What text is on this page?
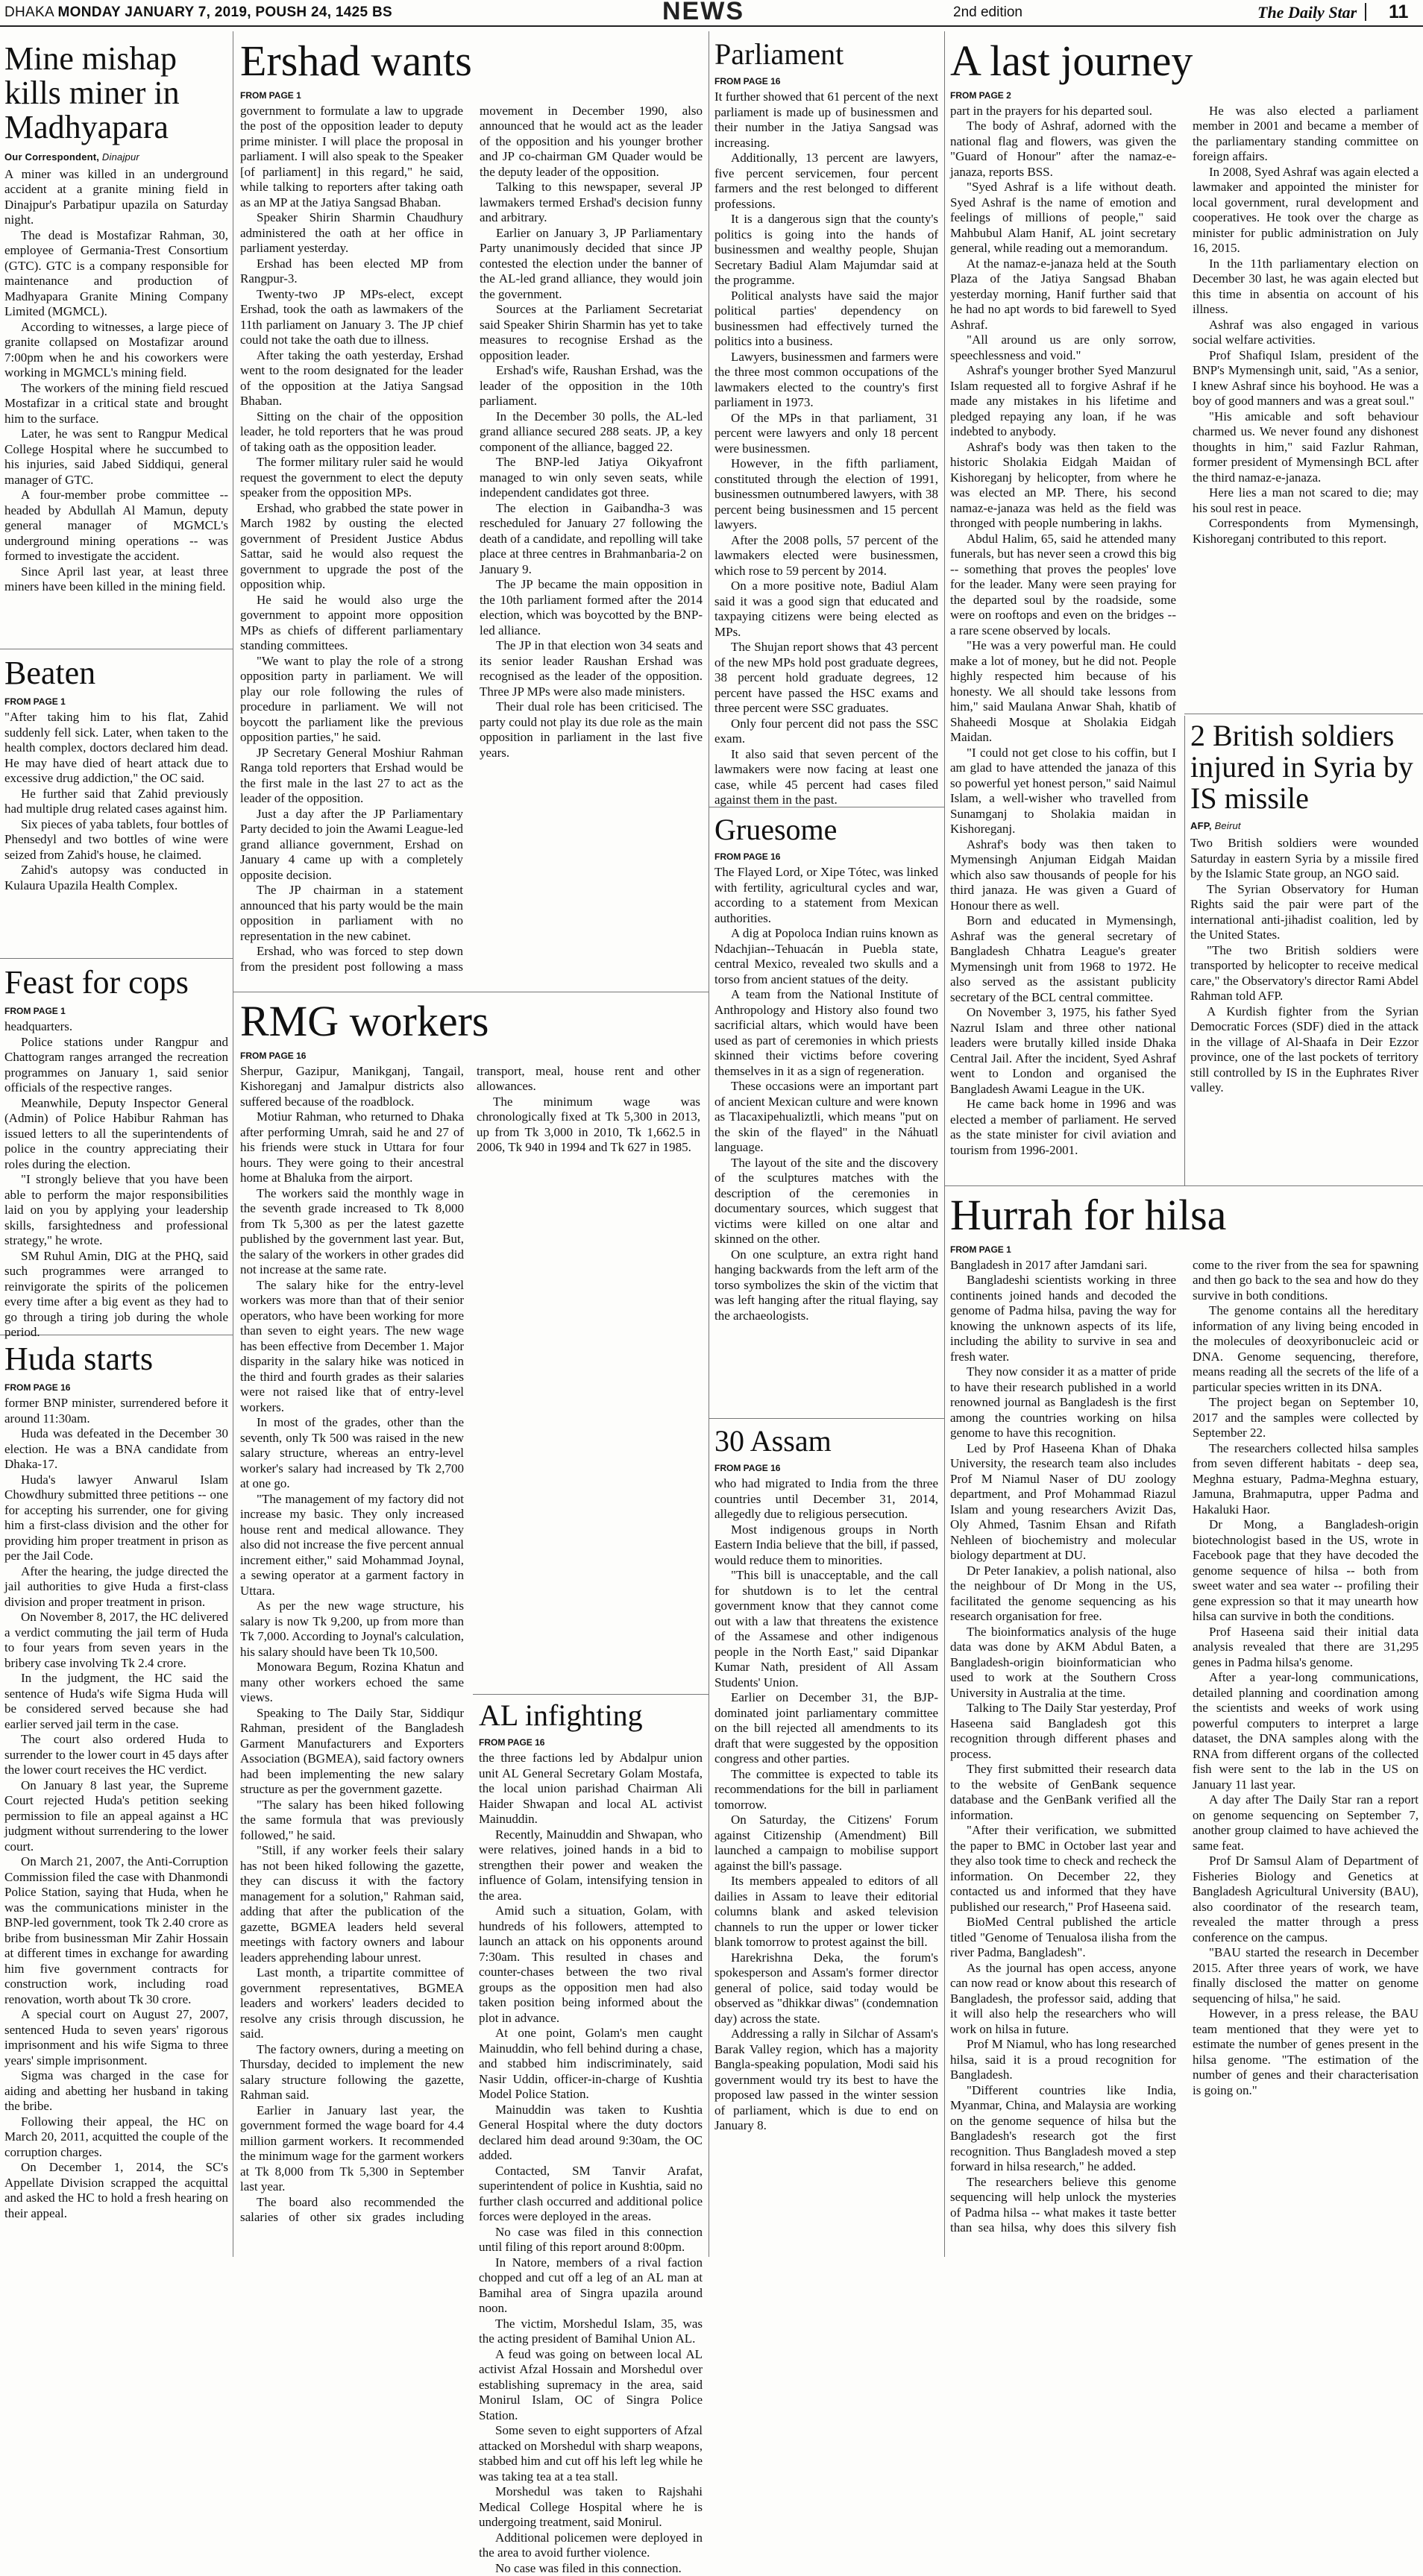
DHAKA MONDAY JANUARY 7, 2019, POUSH 24, 1425 BS	NEWS	2nd edition	The Daily Star 11
Mine mishap kills miner in Madhyapara
Our Correspondent, Dinajpur

A miner was killed in an underground accident at a granite mining field in Dinajpur's Parbatipur upazila on Saturday night.

The dead is Mostafizar Rahman, 30, employee of Germania-Trest Consortium (GTC). GTC is a company responsible for maintenance and production of Madhyapara Granite Mining Company Limited (MGMCL).

According to witnesses, a large piece of granite collapsed on Mostafizar around 7:00pm when he and his coworkers were working in MGMCL's mining field.

The workers of the mining field rescued Mostafizar in a critical state and brought him to the surface.

Later, he was sent to Rangpur Medical College Hospital where he succumbed to his injuries, said Jabed Siddiqui, general manager of GTC.

A four-member probe committee -- headed by Abdullah Al Mamun, deputy general manager of MGMCL's underground mining operations -- was formed to investigate the accident.

Since April last year, at least three miners have been killed in the mining field.

Beaten
FROM PAGE 1

"After taking him to his flat, Zahid suddenly fell sick. Later, when taken to the health complex, doctors declared him dead. He may have died of heart attack due to excessive drug addiction," the OC said.

He further said that Zahid previously had multiple drug related cases against him.

Six pieces of yaba tablets, four bottles of Phensedyl and two bottles of wine were seized from Zahid's house, he claimed.

Zahid's autopsy was conducted in Kulaura Upazila Health Complex.

Feast for cops
FROM PAGE 1

headquarters.

Police stations under Rangpur and Chattogram ranges arranged the recreation programmes on January 1, said senior officials of the respective ranges.

Meanwhile, Deputy Inspector General (Admin) of Police Habibur Rahman has issued letters to all the superintendents of police in the country appreciating their roles during the election.

"I strongly believe that you have been able to perform the major responsibilities laid on you by applying your leadership skills, farsightedness and professional strategy," he wrote.

SM Ruhul Amin, DIG at the PHQ, said such programmes were arranged to reinvigorate the spirits of the policemen every time after a big event as they had to go through a tiring job during the whole period.

Huda starts
FROM PAGE 16

former BNP minister, surrendered before it around 11:30am.

Huda was defeated in the December 30 election. He was a BNA candidate from Dhaka-17.

Huda's lawyer Anwarul Islam Chowdhury submitted three petitions -- one for accepting his surrender, one for giving him a first-class division and the other for providing him proper treatment in prison as per the Jail Code.

After the hearing, the judge directed the jail authorities to give Huda a first-class division and proper treatment in prison.

On November 8, 2017, the HC delivered a verdict commuting the jail term of Huda to four years from seven years in the bribery case involving Tk 2.4 crore.

In the judgment, the HC said the sentence of Huda's wife Sigma Huda will be considered served because she had earlier served jail term in the case.

The court also ordered Huda to surrender to the lower court in 45 days after the lower court receives the HC verdict.

On January 8 last year, the Supreme Court rejected Huda's petition seeking permission to file an appeal against a HC judgment without surrendering to the lower court.

On March 21, 2007, the Anti-Corruption Commission filed the case with Dhanmondi Police Station, saying that Huda, when he was the communications minister in the BNP-led government, took Tk 2.40 crore as bribe from businessman Mir Zahir Hossain at different times in exchange for awarding him five government contracts for construction work, including road renovation, worth about Tk 30 crore.

A special court on August 27, 2007, sentenced Huda to seven years' rigorous imprisonment and his wife Sigma to three years' simple imprisonment.

Sigma was charged in the case for aiding and abetting her husband in taking the bribe.

Following their appeal, the HC on March 20, 2011, acquitted the couple of the corruption charges.

On December 1, 2014, the SC's Appellate Division scrapped the acquittal and asked the HC to hold a fresh hearing on their appeal.

Ershad wants
FROM PAGE 1

government to formulate a law to upgrade the post of the opposition leader to deputy prime minister. I will place the proposal in parliament. I will also speak to the Speaker [of parliament] in this regard," he said, while talking to reporters after taking oath as an MP at the Jatiya Sangsad Bhaban.

Speaker Shirin Sharmin Chaudhury administered the oath at her office in parliament yesterday.

Ershad has been elected MP from Rangpur-3.

Twenty-two JP MPs-elect, except Ershad, took the oath as lawmakers of the 11th parliament on January 3. The JP chief could not take the oath due to illness.

After taking the oath yesterday, Ershad went to the room designated for the leader of the opposition at the Jatiya Sangsad Bhaban.

Sitting on the chair of the opposition leader, he told reporters that he was proud of taking oath as the opposition leader.

The former military ruler said he would request the government to elect the deputy speaker from the opposition MPs.

Ershad, who grabbed the state power in March 1982 by ousting the elected government of President Justice Abdus Sattar, said he would also request the government to upgrade the post of the opposition whip.

He said he would also urge the government to appoint more opposition MPs as chiefs of different parliamentary standing committees.

"We want to play the role of a strong opposition party in parliament. We will play our role following the rules of procedure in parliament. We will not boycott the parliament like the previous opposition parties," he said.

JP Secretary General Moshiur Rahman Ranga told reporters that Ershad would be the first male in the last 27 to act as the leader of the opposition.

Just a day after the JP Parliamentary Party decided to join the Awami League-led grand alliance government, Ershad on January 4 came up with a completely opposite decision.

The JP chairman in a statement announced that his party would be the main opposition in parliament with no representation in the new cabinet.

Ershad, who was forced to step down from the president post following a mass movement in December 1990, also announced that he would act as the leader of the opposition and his younger brother and JP co-chairman GM Quader would be the deputy leader of the opposition.

Talking to this newspaper, several JP lawmakers termed Ershad's decision funny and arbitrary.

Earlier on January 3, JP Parliamentary Party unanimously decided that since JP contested the election under the banner of the AL-led grand alliance, they would join the government.

Sources at the Parliament Secretariat said Speaker Shirin Sharmin has yet to take measures to recognise Ershad as the opposition leader.

Ershad's wife, Raushan Ershad, was the leader of the opposition in the 10th parliament.

In the December 30 polls, the AL-led grand alliance secured 288 seats. JP, a key component of the alliance, bagged 22.

The BNP-led Jatiya Oikyafront managed to win only seven seats, while independent candidates got three.

The election in Gaibandha-3 was rescheduled for January 27 following the death of a candidate, and repolling will take place at three centres in Brahmanbaria-2 on January 9.

The JP became the main opposition in the 10th parliament formed after the 2014 election, which was boycotted by the BNP-led alliance.

The JP in that election won 34 seats and its senior leader Raushan Ershad was recognised as the leader of the opposition. Three JP MPs were also made ministers.

Their dual role has been criticised. The party could not play its due role as the main opposition in parliament in the last five years.

RMG workers
FROM PAGE 16

Sherpur, Gazipur, Manikganj, Tangail, Kishoreganj and Jamalpur districts also suffered because of the roadblock.

Motiur Rahman, who returned to Dhaka after performing Umrah, said he and 27 of his friends were stuck in Uttara for four hours. They were going to their ancestral home at Bhaluka from the airport.

The workers said the monthly wage in the seventh grade increased to Tk 8,000 from Tk 5,300 as per the latest gazette published by the government last year. But, the salary of the workers in other grades did not increase at the same rate.

The salary hike for the entry-level workers was more than that of their senior operators, who have been working for more than seven to eight years. The new wage has been effective from December 1. Major disparity in the salary hike was noticed in the third and fourth grades as their salaries were not raised like that of entry-level workers.

In most of the grades, other than the seventh, only Tk 500 was raised in the new salary structure, whereas an entry-level worker's salary had increased by Tk 2,700 at one go.

"The management of my factory did not increase my basic. They only increased house rent and medical allowance. They also did not increase the five percent annual increment either," said Mohammad Joynal, a sewing operator at a garment factory in Uttara.

As per the new wage structure, his salary is now Tk 9,200, up from more than Tk 7,000. According to Joynal's calculation, his salary should have been Tk 10,500.

Monowara Begum, Rozina Khatun and many other workers echoed the same views.

Speaking to The Daily Star, Siddiqur Rahman, president of the Bangladesh Garment Manufacturers and Exporters Association (BGMEA), said factory owners had been implementing the new salary structure as per the government gazette.

"The salary has been hiked following the same formula that was previously followed," he said.

"Still, if any worker feels their salary has not been hiked following the gazette, they can discuss it with the factory management for a solution," Rahman said, adding that after the publication of the gazette, BGMEA leaders held several meetings with factory owners and labour leaders apprehending labour unrest.

Last month, a tripartite committee of government representatives, BGMEA leaders and workers' leaders decided to resolve any crisis through discussion, he said.

The factory owners, during a meeting on Thursday, decided to implement the new salary structure following the gazette, Rahman said.

Earlier in January last year, the government formed the wage board for 4.4 million garment workers. It recommended the minimum wage for the garment workers at Tk 8,000 from Tk 5,300 in September last year.

The board also recommended the salaries of other six grades including transport, meal, house rent and other allowances.

The minimum wage was chronologically fixed at Tk 5,300 in 2013, up from Tk 3,000 in 2010, Tk 1,662.5 in 2006, Tk 940 in 1994 and Tk 627 in 1985.

AL infighting
FROM PAGE 16

the three factions led by Abdalpur union unit AL General Secretary Golam Mostafa, the local union parishad Chairman Ali Haider Shwapan and local AL activist Mainuddin.

Recently, Mainuddin and Shwapan, who were relatives, joined hands in a bid to strengthen their power and weaken the influence of Golam, intensifying tension in the area.

Amid such a situation, Golam, with hundreds of his followers, attempted to launch an attack on his opponents around 7:30am. This resulted in chases and counter-chases between the two rival groups as the opposition men had also taken position being informed about the plot in advance.

At one point, Golam's men caught Mainuddin, who fell behind during a chase, and stabbed him indiscriminately, said Nasir Uddin, officer-in-charge of Kushtia Model Police Station.

Mainuddin was taken to Kushtia General Hospital where the duty doctors declared him dead around 9:30am, the OC added.

Contacted, SM Tanvir Arafat, superintendent of police in Kushtia, said no further clash occurred and additional police forces were deployed in the areas.

No case was filed in this connection until filing of this report around 8:00pm.

In Natore, members of a rival faction chopped and cut off a leg of an AL man at Bamihal area of Singra upazila around noon.

The victim, Morshedul Islam, 35, was the acting president of Bamihal Union AL.

A feud was going on between local AL activist Afzal Hossain and Morshedul over establishing supremacy in the area, said Monirul Islam, OC of Singra Police Station.

Some seven to eight supporters of Afzal attacked on Morshedul with sharp weapons, stabbed him and cut off his left leg while he was taking tea at a tea stall.

Morshedul was taken to Rajshahi Medical College Hospital where he is undergoing treatment, said Monirul.

Additional policemen were deployed in the area to avoid further violence.

No case was filed in this connection.

Parliament
FROM PAGE 16

It further showed that 61 percent of the next parliament is made up of businessmen and their number in the Jatiya Sangsad was increasing.

Additionally, 13 percent are lawyers, five percent servicemen, four percent farmers and the rest belonged to different professions.

It is a dangerous sign that the county's politics is going into the hands of businessmen and wealthy people, Shujan Secretary Badiul Alam Majumdar said at the programme.

Political analysts have said the major political parties' dependency on businessmen had effectively turned the politics into a business.

Lawyers, businessmen and farmers were the three most common occupations of the lawmakers elected to the country's first parliament in 1973.

Of the MPs in that parliament, 31 percent were lawyers and only 18 percent were businessmen.

However, in the fifth parliament, constituted through the election of 1991, businessmen outnumbered lawyers, with 38 percent being businessmen and 15 percent lawyers.

After the 2008 polls, 57 percent of the lawmakers elected were businessmen, which rose to 59 percent by 2014.

On a more positive note, Badiul Alam said it was a good sign that educated and taxpaying citizens were being elected as MPs.

The Shujan report shows that 43 percent of the new MPs hold post graduate degrees, 38 percent hold graduate degrees, 12 percent have passed the HSC exams and three percent were SSC graduates.

Only four percent did not pass the SSC exam.

It also said that seven percent of the lawmakers were now facing at least one case, while 45 percent had cases filed against them in the past.

Gruesome
FROM PAGE 16

The Flayed Lord, or Xipe Tótec, was linked with fertility, agricultural cycles and war, according to a statement from Mexican authorities.

A dig at Popoloca Indian ruins known as Ndachjian--Tehuacán in Puebla state, central Mexico, revealed two skulls and a torso from ancient statues of the deity.

A team from the National Institute of Anthropology and History also found two sacrificial altars, which would have been used as part of ceremonies in which priests skinned their victims before covering themselves in it as a sign of regeneration.

These occasions were an important part of ancient Mexican culture and were known as Tlacaxipehualiztli, which means "put on the skin of the flayed" in the Náhuatl language.

The layout of the site and the discovery of the sculptures matches with the description of the ceremonies in documentary sources, which suggest that victims were killed on one altar and skinned on the other.

On one sculpture, an extra right hand hanging backwards from the left arm of the torso symbolizes the skin of the victim that was left hanging after the ritual flaying, say the archaeologists.

30 Assam
FROM PAGE 16

who had migrated to India from the three countries until December 31, 2014, allegedly due to religious persecution.

Most indigenous groups in North Eastern India believe that the bill, if passed, would reduce them to minorities.

"This bill is unacceptable, and the call for shutdown is to let the central government know that they cannot come out with a law that threatens the existence of the Assamese and other indigenous people in the North East," said Dipankar Kumar Nath, president of All Assam Students' Union.

Earlier on December 31, the BJP-dominated joint parliamentary committee on the bill rejected all amendments to its draft that were suggested by the opposition congress and other parties.

The committee is expected to table its recommendations for the bill in parliament tomorrow.

On Saturday, the Citizens' Forum against Citizenship (Amendment) Bill launched a campaign to mobilise support against the bill's passage.

Its members appealed to editors of all dailies in Assam to leave their editorial columns blank and asked television channels to run the upper or lower ticker blank tomorrow to protest against the bill.

Harekrishna Deka, the forum's spokesperson and Assam's former director general of police, said today would be observed as "dhikkar diwas" (condemnation day) across the state.

Addressing a rally in Silchar of Assam's Barak Valley region, which has a majority Bangla-speaking population, Modi said his government would try its best to have the proposed law passed in the winter session of parliament, which is due to end on January 8.

A last journey
FROM PAGE 2

part in the prayers for his departed soul.

The body of Ashraf, adorned with the national flag and flowers, was given the "Guard of Honour" after the namaz-e-janaza, reports BSS.

"Syed Ashraf is a life without death. Syed Ashraf is the name of emotion and feelings of millions of people," said Mahbubul Alam Hanif, AL joint secretary general, while reading out a memorandum.

At the namaz-e-janaza held at the South Plaza of the Jatiya Sangsad Bhaban yesterday morning, Hanif further said that he had no apt words to bid farewell to Syed Ashraf.

"All around us are only sorrow, speechlessness and void."

Ashraf's younger brother Syed Manzurul Islam requested all to forgive Ashraf if he made any mistakes in his lifetime and pledged repaying any loan, if he was indebted to anybody.

Ashraf's body was then taken to the historic Sholakia Eidgah Maidan of Kishoreganj by helicopter, from where he was elected an MP. There, his second namaz-e-janaza was held as the field was thronged with people numbering in lakhs.

Abdul Halim, 65, said he attended many funerals, but has never seen a crowd this big -- something that proves the peoples' love for the leader. Many were seen praying for the departed soul by the roadside, some were on rooftops and even on the bridges -- a rare scene observed by locals.

"He was a very powerful man. He could make a lot of money, but he did not. People highly respected him because of his honesty. We all should take lessons from him," said Maulana Anwar Shah, khatib of Shaheedi Mosque at Sholakia Eidgah Maidan.

"I could not get close to his coffin, but I am glad to have attended the janaza of this so powerful yet honest person," said Naimul Islam, a well-wisher who travelled from Sunamganj to Sholakia maidan in Kishoreganj.

Ashraf's body was then taken to Mymensingh Anjuman Eidgah Maidan which also saw thousands of people for his third janaza. He was given a Guard of Honour there as well.

Born and educated in Mymensingh, Ashraf was the general secretary of Bangladesh Chhatra League's greater Mymensingh unit from 1968 to 1972. He also served as the assistant publicity secretary of the BCL central committee.

On November 3, 1975, his father Syed Nazrul Islam and three other national leaders were brutally killed inside Dhaka Central Jail. After the incident, Syed Ashraf went to London and organised the Bangladesh Awami League in the UK.

He came back home in 1996 and was elected a member of parliament. He served as the state minister for civil aviation and tourism from 1996-2001.

He was also elected a parliament member in 2001 and became a member of the parliamentary standing committee on foreign affairs.

In 2008, Syed Ashraf was again elected a lawmaker and appointed the minister for local government, rural development and cooperatives. He took over the charge as minister for public administration on July 16, 2015.

In the 11th parliamentary election on December 30 last, he was again elected but this time in absentia on account of his illness.

Ashraf was also engaged in various social welfare activities.

Prof Shafiqul Islam, president of the BNP's Mymensingh unit, said, "As a senior, I knew Ashraf since his boyhood. He was a boy of good manners and was a great soul."

"His amicable and soft behaviour charmed us. We never found any dishonest thoughts in him," said Fazlur Rahman, former president of Mymensingh BCL after the third namaz-e-janaza.

Here lies a man not scared to die; may his soul rest in peace.

Correspondents from Mymensingh, Kishoreganj contributed to this report.

2 British soldiers injured in Syria by IS missile
AFP, Beirut

Two British soldiers were wounded Saturday in eastern Syria by a missile fired by the Islamic State group, an NGO said.

The Syrian Observatory for Human Rights said the pair were part of the international anti-jihadist coalition, led by the United States.

"The two British soldiers were transported by helicopter to receive medical care," the Observatory's director Rami Abdel Rahman told AFP.

A Kurdish fighter from the Syrian Democratic Forces (SDF) died in the attack in the village of Al-Shaafa in Deir Ezzor province, one of the last pockets of territory still controlled by IS in the Euphrates River valley.

Hurrah for hilsa
FROM PAGE 1

Bangladesh in 2017 after Jamdani sari.

Bangladeshi scientists working in three continents joined hands and decoded the genome of Padma hilsa, paving the way for knowing the unknown aspects of its life, including the ability to survive in sea and fresh water.

They now consider it as a matter of pride to have their research published in a world renowned journal as Bangladesh is the first among the countries working on hilsa genome to have this recognition.

Led by Prof Haseena Khan of Dhaka University, the research team also includes Prof M Niamul Naser of DU zoology department, and Prof Mohammad Riazul Islam and young researchers Avizit Das, Oly Ahmed, Tasnim Ehsan and Rifath Nehleen of biochemistry and molecular biology department at DU.

Dr Peter Ianakiev, a polish national, also the neighbour of Dr Mong in the US, facilitated the genome sequencing as his research organisation for free.

The bioinformatics analysis of the huge data was done by AKM Abdul Baten, a Bangladesh-origin bioinformatician who used to work at the Southern Cross University in Australia at the time.

Talking to The Daily Star yesterday, Prof Haseena said Bangladesh got this recognition through different phases and process.

They first submitted their research data to the website of GenBank sequence database and the GenBank verified all the information.

"After their verification, we submitted the paper to BMC in October last year and they also took time to check and recheck the information. On December 22, they contacted us and informed that they have published our research," Prof Haseena said.

BioMed Central published the article titled "Genome of Tenualosa ilisha from the river Padma, Bangladesh".

As the journal has open access, anyone can now read or know about this research of Bangladesh, the professor said, adding that it will also help the researchers who will work on hilsa in future.

Prof M Niamul, who has long researched hilsa, said it is a proud recognition for Bangladesh.

"Different countries like India, Myanmar, China, and Malaysia are working on the genome sequence of hilsa but the Bangladesh's research got the first recognition. Thus Bangladesh moved a step forward in hilsa research," he added.

The researchers believe this genome sequencing will help unlock the mysteries of Padma hilsa -- what makes it taste better than sea hilsa, why does this silvery fish come to the river from the sea for spawning and then go back to the sea and how do they survive in both conditions.

The genome contains all the hereditary information of any living being encoded in the molecules of deoxyribonucleic acid or DNA. Genome sequencing, therefore, means reading all the secrets of the life of a particular species written in its DNA.

The project began on September 10, 2017 and the samples were collected by September 22.

The researchers collected hilsa samples from seven different habitats - deep sea, Meghna estuary, Padma-Meghna estuary, Jamuna, Brahmaputra, upper Padma and Hakaluki Haor.

Dr Mong, a Bangladesh-origin biotechnologist based in the US, wrote in Facebook page that they have decoded the genome sequence of hilsa -- both from sweet water and sea water -- profiling their gene expression so that it may unearth how hilsa can survive in both the conditions.

Prof Haseena said their initial data analysis revealed that there are 31,295 genes in Padma hilsa's genome.

After a year-long communications, detailed planning and coordination among the scientists and weeks of work using powerful computers to interpret a large dataset, the DNA samples along with the RNA from different organs of the collected fish were sent to the lab in the US on January 11 last year.

A day after The Daily Star ran a report on genome sequencing on September 7, another group claimed to have achieved the same feat.

Prof Dr Samsul Alam of Department of Fisheries Biology and Genetics at Bangladesh Agricultural University (BAU), also coordinator of the research team, revealed the matter through a press conference on the campus.

"BAU started the research in December 2015. After three years of work, we have finally disclosed the matter on genome sequencing of hilsa," he said.

However, in a press release, the BAU team mentioned that they were yet to estimate the number of genes present in the hilsa genome. "The estimation of the number of genes and their characterisation is going on."
